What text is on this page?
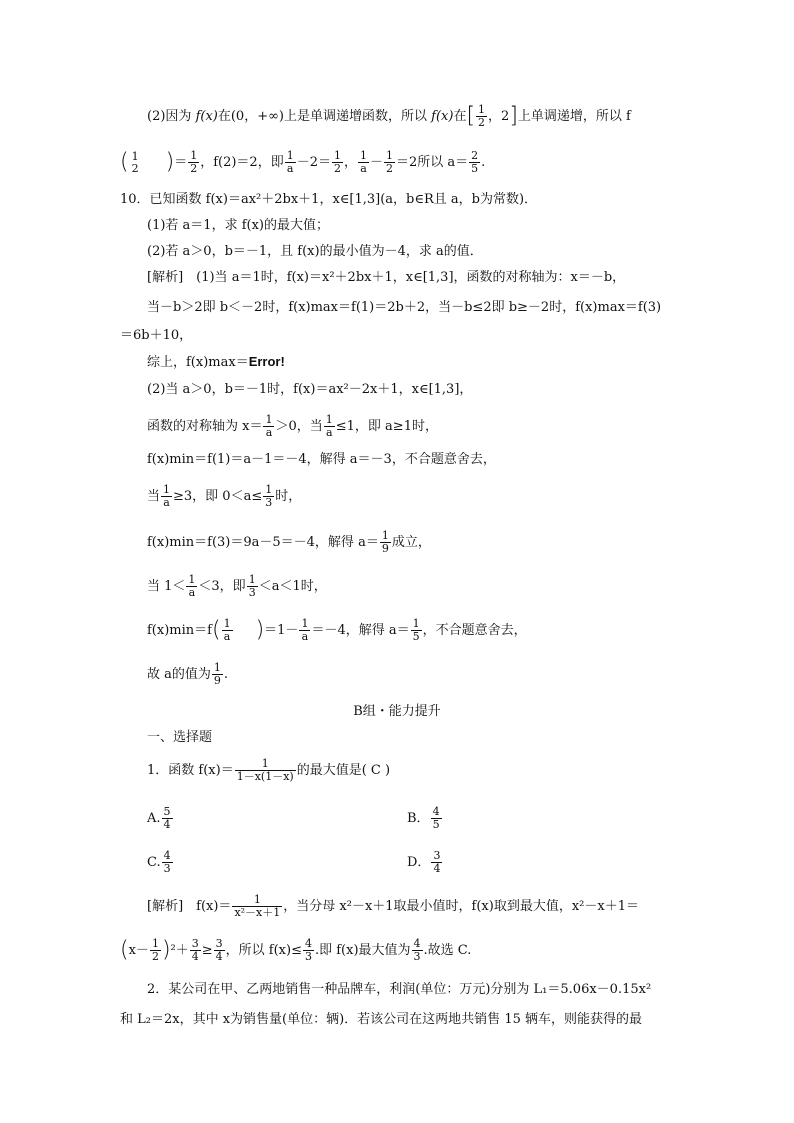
(2)因为 f(x)在(0，+∞)上是单调递增函数，所以 f(x)在[ $\frac{1}{2}$ ，2]上单调递增，所以 f
( 1
2 )＝ $\frac{1}{2}$ ，f(2)＝2，即 $\frac{1}{a} -2= \frac{1}{2}$ ， $\frac{1}{a} - \frac{1}{2} =2$所以 $a= \frac{2}{5}$ .
10．已知函数 f(x)＝ax²＋2bx＋1，x∈[1,3](a，b∈R且 a，b为常数)．
(1)若 a＝1，求 f(x)的最大值；
(2)若 a＞0，b＝－1，且 f(x)的最小值为－4，求 a的值．
[解析]　(1)当 a＝1时，f(x)＝x²＋2bx＋1，x∈[1,3]，函数的对称轴为：x＝－b，
当－b＞2即 b＜－2时，f(x)max＝f(1)＝2b＋2，当－b≤2即 b≥－2时，f(x)max＝f(3)
＝6b＋10，
综上，f(x)max＝Error!
(2)当 a＞0，b＝－1时，f(x)＝ax²－2x＋1，x∈[1,3]，
函数的对称轴为 $x= \frac{1}{a} >0$，当 $\frac{1}{a} \le 1$，即 a≥1时，
f(x)min＝f(1)＝a－1＝－4，解得 a＝－3，不合题意舍去，
当 $\frac{1}{a} \ge 3$，即 $0<a\le \frac{1}{3}$ 时，
f(x)min＝f(3)＝9a－5＝－4，解得 $a= \frac{1}{9}$ 成立，
当 $1< \frac{1}{a} <3$，即 $\frac{1}{3} <a<1$时，
$f(x)\min=f( \frac{1}{a} )=1- \frac{1}{a} =-4$，解得 $a= \frac{1}{5}$ ，不合题意舍去，
故 a的值为 $\frac{1}{9}$ .
B组・能力提升
一、选择题
1．函数 $f(x)= \frac{1}{1-x(1-x)}$ 的最大值是( C )
A. $\frac{5}{4}$	B． $\frac{4}{5}$
C. $\frac{4}{3}$	D． $\frac{3}{4}$
[解析]　$f(x)= \frac{1}{\text{x²－x＋1}}$ ，当分母 x²－x＋1取最小值时，f(x)取到最大值，x²－x＋1＝
$(x- \frac{1}{2} )^2+ \frac{3}{4} \ge \frac{3}{4}$ ，所以 $f(x)\le \frac{4}{3}$ .即 f(x)最大值为 $\frac{4}{3}$ .故选 C.
2．某公司在甲、乙两地销售一种品牌车，利润(单位：万元)分别为 L₁＝5.06x－0.15x²
和 L₂＝2x，其中 x为销售量(单位：辆)．若该公司在这两地共销售 15 辆车，则能获得的最
